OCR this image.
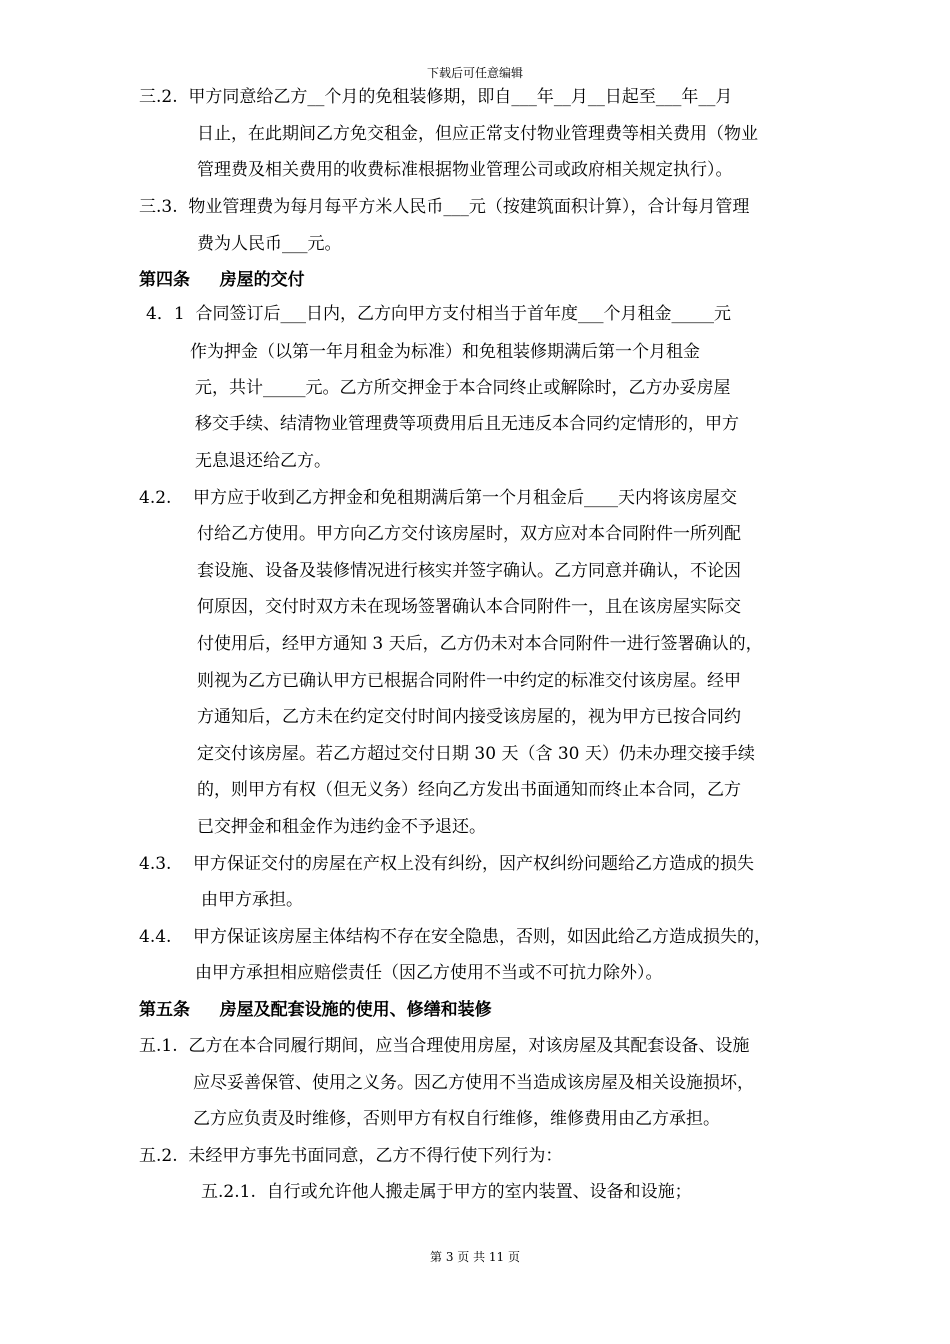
下载后可任意编辑
三.2.  甲方同意给乙方__个月的免租装修期，即自___年__月__日起至___年__月
日止，在此期间乙方免交租金，但应正常支付物业管理费等相关费用（物业
管理费及相关费用的收费标准根据物业管理公司或政府相关规定执行）。
三.3.  物业管理费为每月每平方米人民币___元（按建筑面积计算），合计每月管理
费为人民币___元。
第四条     房屋的交付
4．1  合同签订后___日内，乙方向甲方支付相当于首年度___个月租金_____元
作为押金（以第一年月租金为标准）和免租装修期满后第一个月租金
元，共计_____元。乙方所交押金于本合同终止或解除时，乙方办妥房屋
移交手续、结清物业管理费等项费用后且无违反本合同约定情形的，甲方
无息退还给乙方。
4.2.    甲方应于收到乙方押金和免租期满后第一个月租金后____天内将该房屋交
付给乙方使用。甲方向乙方交付该房屋时，双方应对本合同附件一所列配
套设施、设备及装修情况进行核实并签字确认。乙方同意并确认，不论因
何原因，交付时双方未在现场签署确认本合同附件一，且在该房屋实际交
付使用后，经甲方通知 3 天后，乙方仍未对本合同附件一进行签署确认的，
则视为乙方已确认甲方已根据合同附件一中约定的标准交付该房屋。经甲
方通知后，乙方未在约定交付时间内接受该房屋的，视为甲方已按合同约
定交付该房屋。若乙方超过交付日期 30 天（含 30 天）仍未办理交接手续
的，则甲方有权（但无义务）经向乙方发出书面通知而终止本合同，乙方
已交押金和租金作为违约金不予退还。
4.3.    甲方保证交付的房屋在产权上没有纠纷，因产权纠纷问题给乙方造成的损失
由甲方承担。
4.4.    甲方保证该房屋主体结构不存在安全隐患，否则，如因此给乙方造成损失的，
由甲方承担相应赔偿责任（因乙方使用不当或不可抗力除外）。
第五条     房屋及配套设施的使用、修缮和装修
五.1.  乙方在本合同履行期间，应当合理使用房屋，对该房屋及其配套设备、设施
应尽妥善保管、使用之义务。因乙方使用不当造成该房屋及相关设施损坏，
乙方应负责及时维修，否则甲方有权自行维修，维修费用由乙方承担。
五.2.  未经甲方事先书面同意，乙方不得行使下列行为：
五.2.1.  自行或允许他人搬走属于甲方的室内装置、设备和设施；
第 3 页 共 11 页
